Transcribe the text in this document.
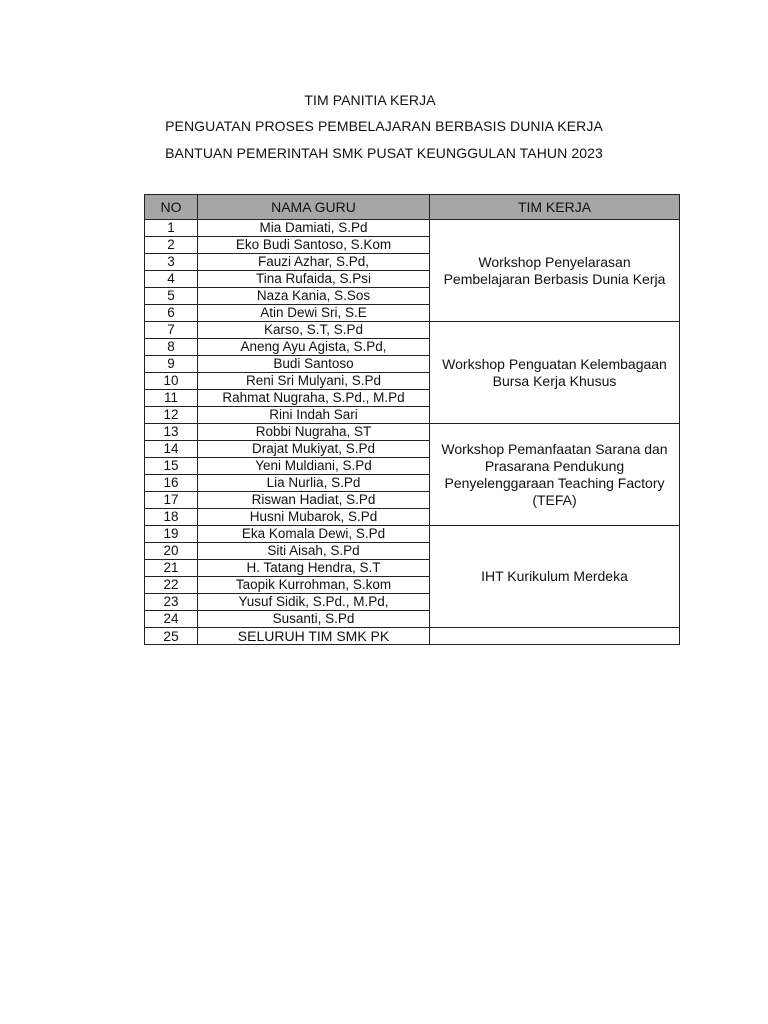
TIM PANITIA KERJA
PENGUATAN PROSES PEMBELAJARAN BERBASIS DUNIA KERJA
BANTUAN PEMERINTAH SMK PUSAT KEUNGGULAN TAHUN 2023
NO	NAMA GURU	TIM KERJA
1	Mia Damiati, S.Pd	Workshop Penyelarasan Pembelajaran Berbasis Dunia Kerja
2	Eko Budi Santoso, S.Kom	
3	Fauzi Azhar, S.Pd,	
4	Tina Rufaida, S.Psi	
5	Naza Kania, S.Sos	
6	Atin Dewi Sri, S.E	
7	Karso, S.T, S.Pd	Workshop Penguatan Kelembagaan Bursa Kerja Khusus
8	Aneng Ayu Agista, S.Pd,	
9	Budi Santoso	
10	Reni Sri Mulyani, S.Pd	
11	Rahmat Nugraha, S.Pd., M.Pd	
12	Rini Indah Sari	
13	Robbi Nugraha, ST	Workshop Pemanfaatan Sarana dan Prasarana Pendukung Penyelenggaraan Teaching Factory (TEFA)
14	Drajat Mukiyat, S.Pd	
15	Yeni Muldiani, S.Pd	
16	Lia Nurlia, S.Pd	
17	Riswan Hadiat, S.Pd	
18	Husni Mubarok, S.Pd	
19	Eka Komala Dewi, S.Pd	IHT Kurikulum Merdeka
20	Siti Aisah, S.Pd	
21	H. Tatang Hendra, S.T	
22	Taopik Kurrohman, S.kom	
23	Yusuf Sidik, S.Pd., M.Pd,	
24	Susanti, S.Pd	
25	SELURUH TIM SMK PK	
